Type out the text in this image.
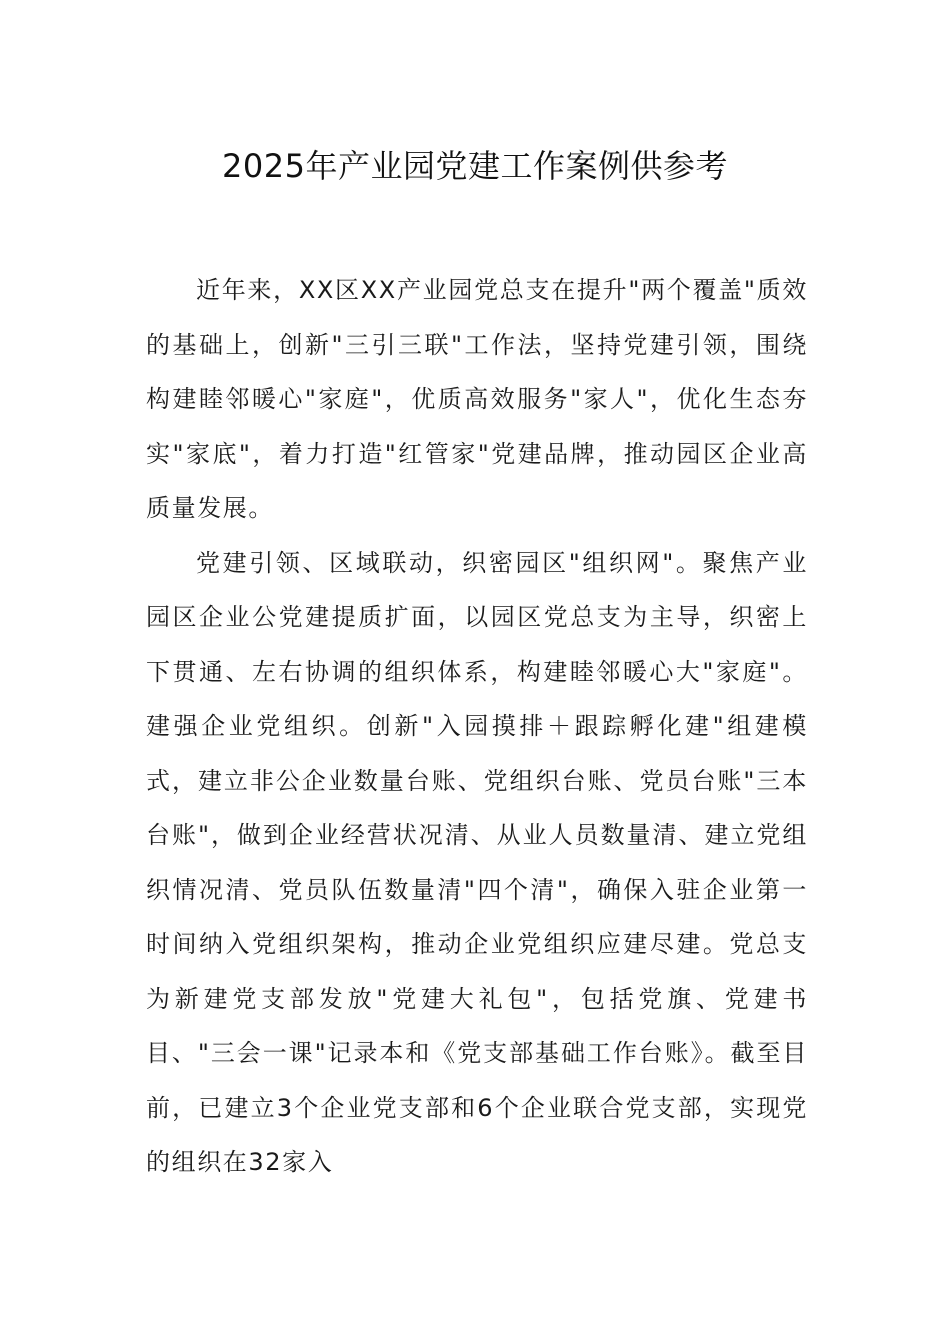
2025年产业园党建工作案例供参考

近年来，XX区XX产业园党总支在提升"两个覆盖"质效的基础上，创新"三引三联"工作法，坚持党建引领，围绕构建睦邻暖心"家庭"，优质高效服务"家人"，优化生态夯实"家底"，着力打造"红管家"党建品牌，推动园区企业高质量发展。

党建引领、区域联动，织密园区"组织网"。聚焦产业园区企业公党建提质扩面，以园区党总支为主导，织密上下贯通、左右协调的组织体系，构建睦邻暖心大"家庭"。建强企业党组织。创新"入园摸排＋跟踪孵化建"组建模式，建立非公企业数量台账、党组织台账、党员台账"三本台账"，做到企业经营状况清、从业人员数量清、建立党组织情况清、党员队伍数量清"四个清"，确保入驻企业第一时间纳入党组织架构，推动企业党组织应建尽建。党总支为新建党支部发放"党建大礼包"，包括党旗、党建书目、"三会一课"记录本和《党支部基础工作台账》。截至目前，已建立3个企业党支部和6个企业联合党支部，实现党的组织在32家入
